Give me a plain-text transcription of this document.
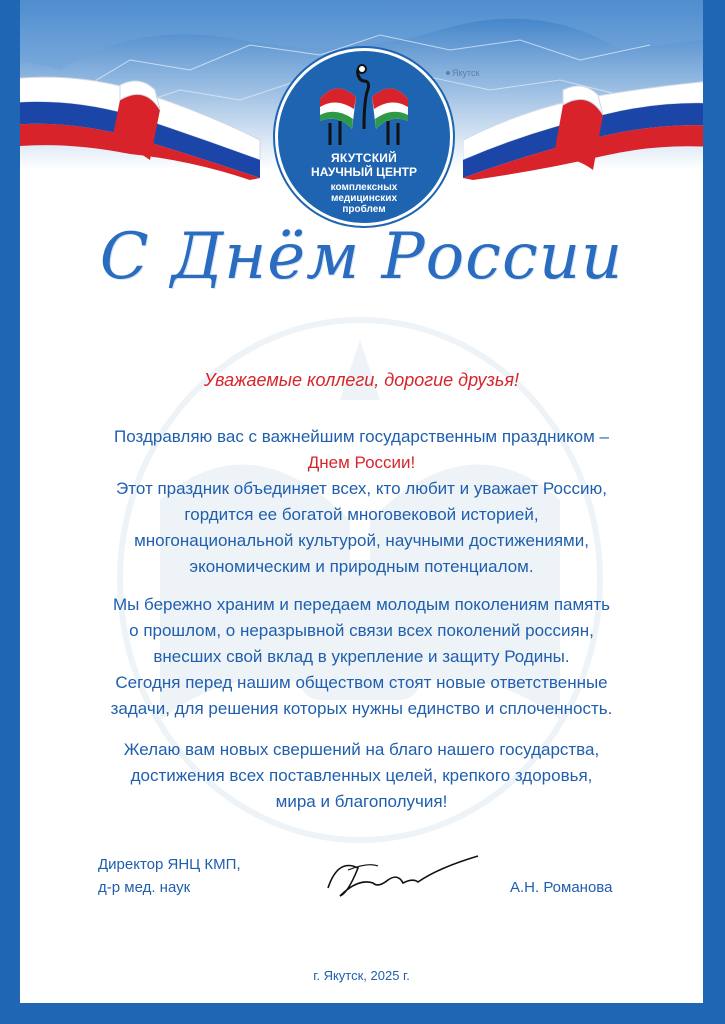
Якутск
ЯКУТСКИЙ
НАУЧНЫЙ ЦЕНТР
комплексных
медицинских
проблем
С Днём России
Уважаемые коллеги, дорогие друзья!
Поздравляю вас с важнейшим государственным праздником –
Днем России!
Этот праздник объединяет всех, кто любит и уважает Россию,
гордится ее богатой многовековой историей,
многонациональной культурой, научными достижениями,
экономическим и природным потенциалом.
Мы бережно храним и передаем молодым поколениям память
о прошлом, о неразрывной связи всех поколений россиян,
внесших свой вклад в укрепление и защиту Родины.
Сегодня перед нашим обществом стоят новые ответственные
задачи, для решения которых нужны единство и сплоченность.
Желаю вам новых свершений на благо нашего государства,
достижения всех поставленных целей, крепкого здоровья,
мира и благополучия!
Директор ЯНЦ КМП,
д-р мед. наук	А.Н. Романова
г. Якутск, 2025 г.
